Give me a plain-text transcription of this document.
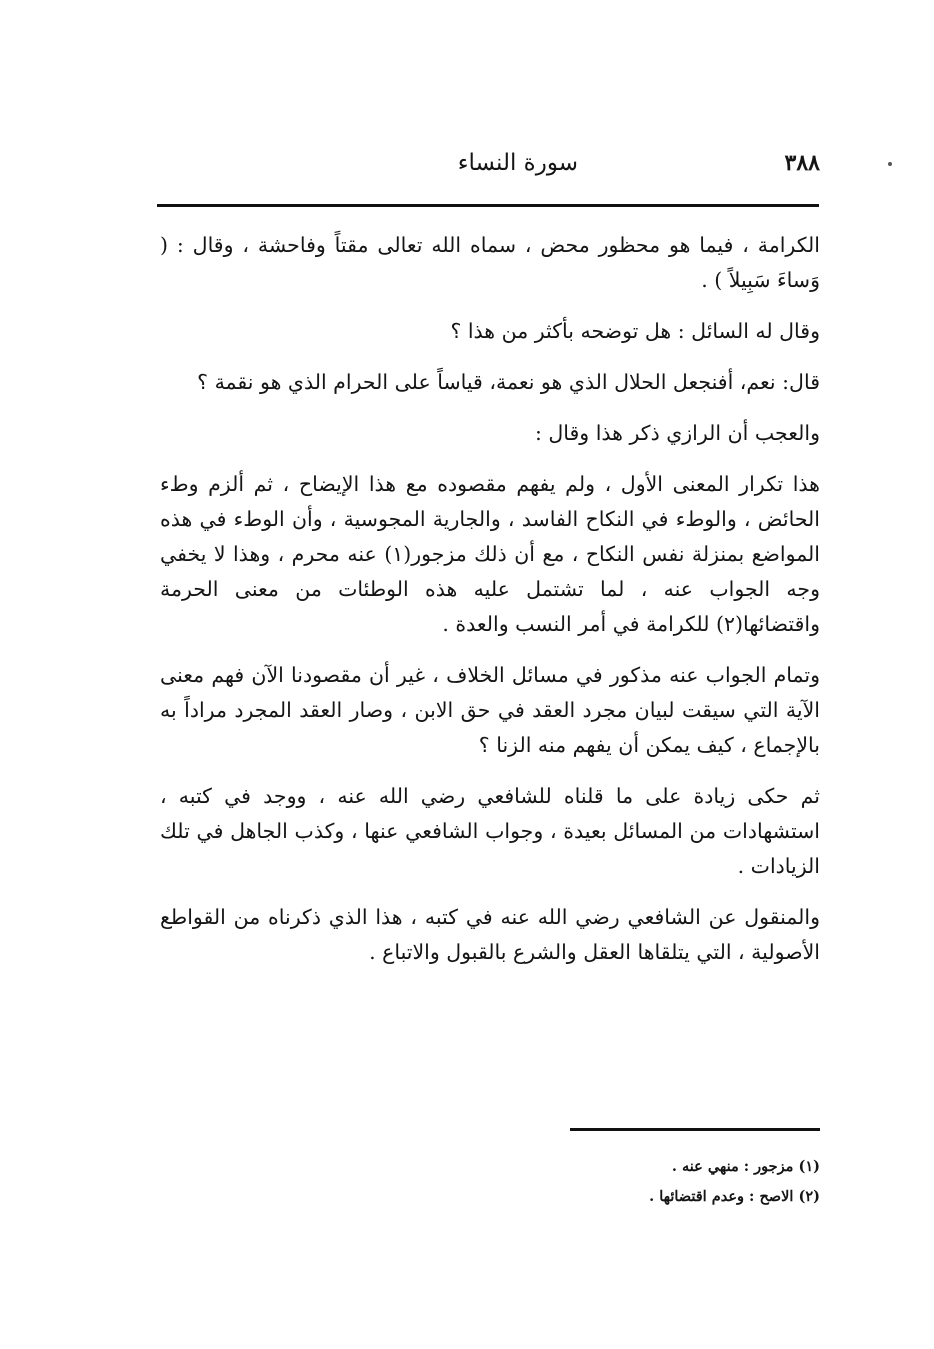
٣٨٨
سورة النساء

الكرامة ، فيما هو محظور محض ، سماه الله تعالى مقتاً وفاحشة ، وقال : ( وَساءَ سَبِيلاً ) .

وقال له السائل : هل توضحه بأكثر من هذا ؟

قال: نعم، أفنجعل الحلال الذي هو نعمة، قياساً على الحرام الذي هو نقمة ؟

والعجب أن الرازي ذكر هذا وقال :

هذا تكرار المعنى الأول ، ولم يفهم مقصوده مع هذا الإيضاح ، ثم ألزم وطء الحائض ، والوطء في النكاح الفاسد ، والجارية المجوسية ، وأن الوطء في هذه المواضع بمنزلة نفس النكاح ، مع أن ذلك مزجور(١) عنه محرم ، وهذا لا يخفي وجه الجواب عنه ، لما تشتمل عليه هذه الوطئات من معنى الحرمة واقتضائها(٢) للكرامة في أمر النسب والعدة .

وتمام الجواب عنه مذكور في مسائل الخلاف ، غير أن مقصودنا الآن فهم معنى الآية التي سيقت لبيان مجرد العقد في حق الابن ، وصار العقد المجرد مراداً به بالإجماع ، كيف يمكن أن يفهم منه الزنا ؟

ثم حكى زيادة على ما قلناه للشافعي رضي الله عنه ، ووجد في كتبه ، استشهادات من المسائل بعيدة ، وجواب الشافعي عنها ، وكذب الجاهل في تلك الزيادات .

والمنقول عن الشافعي رضي الله عنه في كتبه ، هذا الذي ذكرناه من القواطع الأصولية ، التي يتلقاها العقل والشرع بالقبول والاتباع .

(١) مزجور : منهي عنه .

(٢) الاصح : وعدم اقتضائها .
